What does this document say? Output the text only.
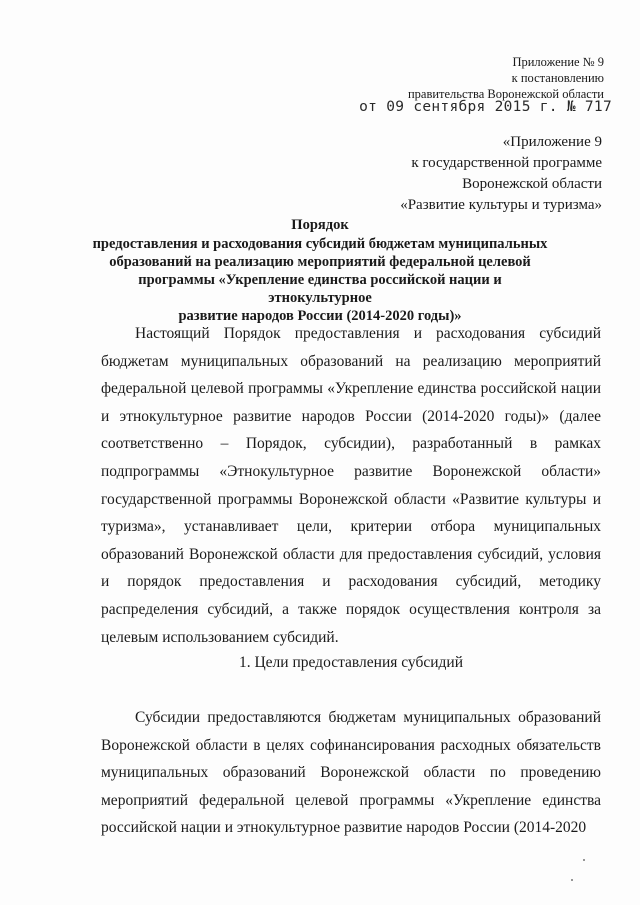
Приложение № 9
к постановлению
правительства Воронежской области
от 09 сентября 2015 г. № 717
«Приложение 9
к государственной программе
Воронежской области
«Развитие культуры и туризма»
Порядок
предоставления и расходования субсидий бюджетам муниципальных
образований на реализацию мероприятий федеральной целевой
программы «Укрепление единства российской нации и этнокультурное
развитие народов России (2014-2020 годы)»

Настоящий Порядок предоставления и расходования субсидий бюджетам муниципальных образований на реализацию мероприятий федеральной целевой программы «Укрепление единства российской нации и этнокультурное развитие народов России (2014-2020 годы)» (далее соответственно – Порядок, субсидии), разработанный в рамках подпрограммы «Этнокультурное развитие Воронежской области» государственной программы Воронежской области «Развитие культуры и туризма», устанавливает цели, критерии отбора муниципальных образований Воронежской области для предоставления субсидий, условия и порядок предоставления и расходования субсидий, методику распределения субсидий, а также порядок осуществления контроля за целевым использованием субсидий.

1. Цели предоставления субсидий

Субсидии предоставляются бюджетам муниципальных образований Воронежской области в целях софинансирования расходных обязательств муниципальных образований Воронежской области по проведению мероприятий федеральной целевой программы «Укрепление единства российской нации и этнокультурное развитие народов России (2014-2020
